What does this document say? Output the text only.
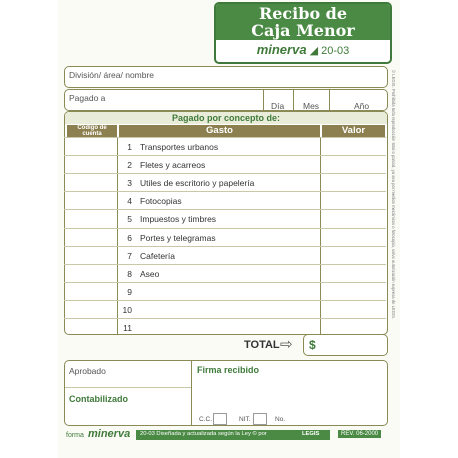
Recibo de
Caja Menor
minerva ◢ 20-03
División/ área/ nombre
Pagado a
Día Mes	Año
Pagado por concepto de:
Código de cuenta	Gasto	Valor
1 Transportes urbanos
2 Fletes y acarreos
3 Utiles de escritorio y papelería
4 Fotocopias
5 Impuestos y timbres
6 Portes y telegramas
7 Cafetería
8 Aseo
9
10
11
TOTAL ⇨ $
Aprobado
Contabilizado
Firma recibido
C.C.	NIT.	No.
forma minerva 20-03 Diseñada y actualizada según la Ley © por	LEGIS	REV. 06-2000
© LEGIS. Prohibida toda reproducción total o parcial, ya sea por medios mecánicos o fotocopia, salvo autorización expresa de LEGIS.
